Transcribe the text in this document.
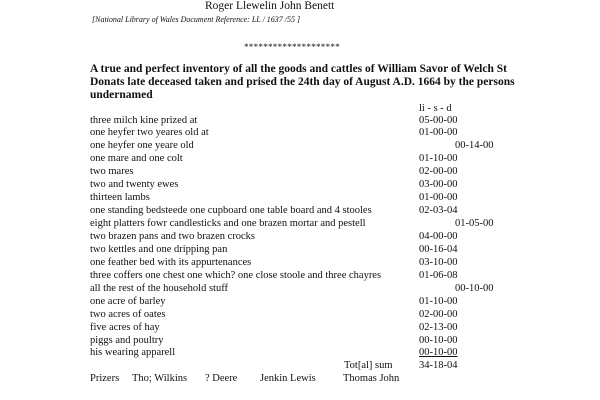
Roger Llewelin John Benett
[National Library of Wales Document Reference: LL / 1637 /55 ]
********************
A true and perfect inventory of all the goods and cattles of William Savor of Welch St Donats late deceased taken and prised the 24th day of August A.D. 1664 by the persons undernamed
li - s - d
three milch kine prized at	05-00-00
one heyfer two yeares old at	01-00-00
one heyfer one yeare old	00-14-00
one mare and one colt	01-10-00
two mares	02-00-00
two and twenty ewes	03-00-00
thirteen lambs	01-00-00
one standing bedsteede one cupboard one table board and 4 stooles	02-03-04
eight platters fowr candlesticks and one brazen mortar and pestell	01-05-00
two brazen pans and two brazen crocks	04-00-00
two kettles and one dripping pan	00-16-04
one feather bed with its appurtenances	03-10-00
three coffers one chest one which? one close stoole and three chayres	01-06-08
all the rest of the household stuff	00-10-00
one acre of barley	01-10-00
two acres of oates	02-00-00
five acres of hay	02-13-00
piggs and poultry	00-10-00
his wearing apparell	00-10-00
Tot[al] sum	34-18-04
Prizers Tho; Wilkins ? Deere Jenkin Lewis	Thomas John
